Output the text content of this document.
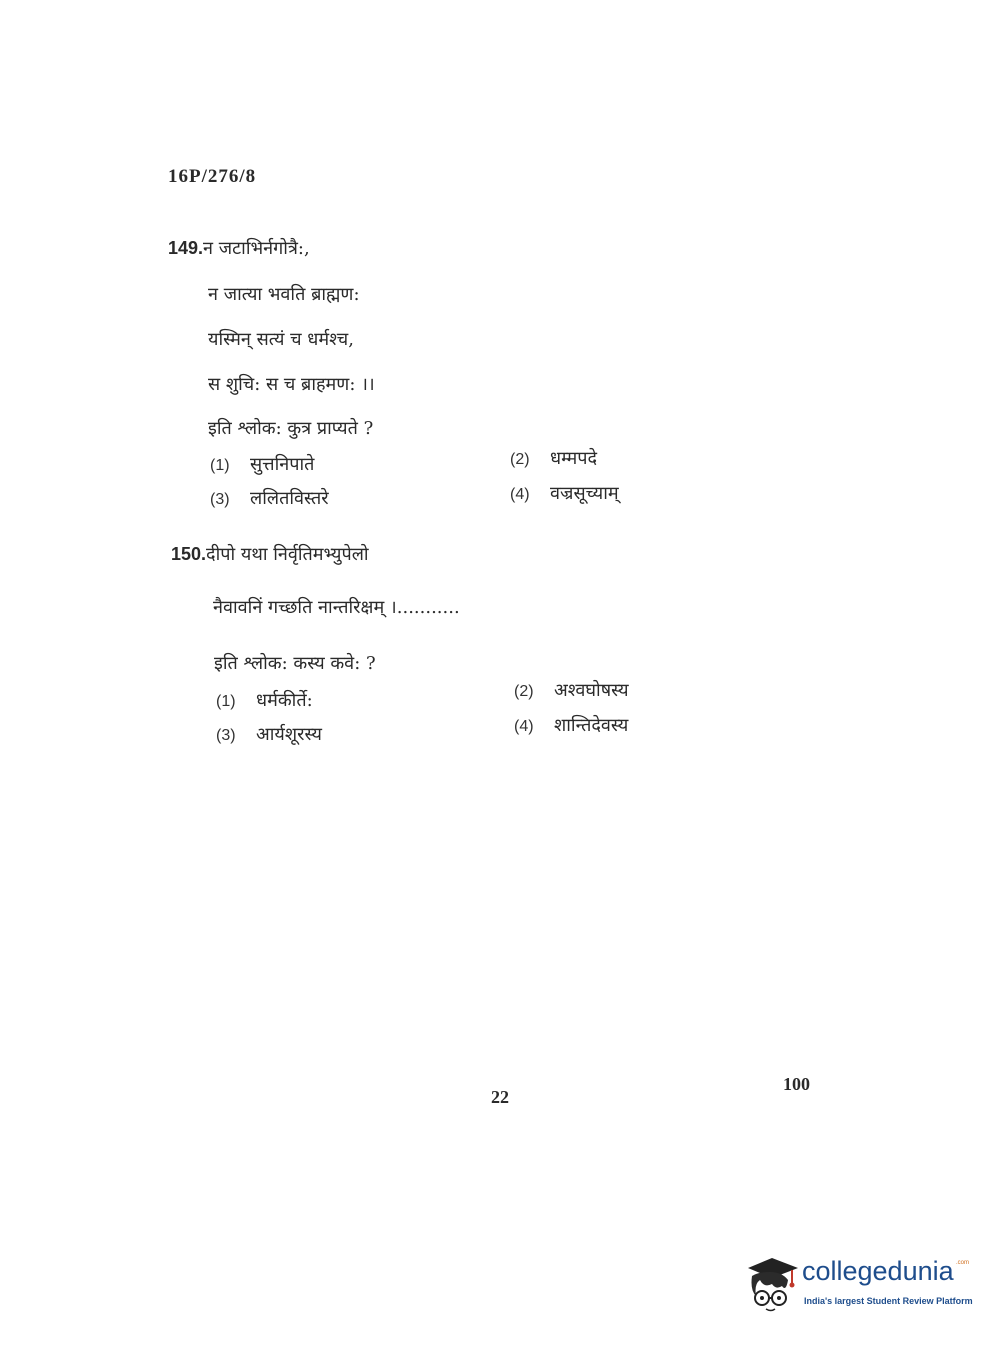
16P/276/8
149.न जटाभिर्नगोत्रै:,
न जात्या भवति ब्राह्मण:
यस्मिन् सत्यं च धर्मश्च,
स शुचि: स च ब्राहमण: ।।
इति श्लोक: कुत्र प्राप्यते ?
(1) सुत्तनिपाते	(2) धम्मपदे
(3) ललितविस्तरे	(4) वज्रसूच्याम्
150.दीपो यथा निर्वृतिमभ्युपेलो
नैवावनिं गच्छति नान्तरिक्षम् ।...........
इति श्लोक: कस्य कवे: ?
(1) धर्मकीर्ते:	(2) अश्वघोषस्य
(3) आर्यशूरस्य	(4) शान्तिदेवस्य
22
100
collegedunia .com
India's largest Student Review Platform
